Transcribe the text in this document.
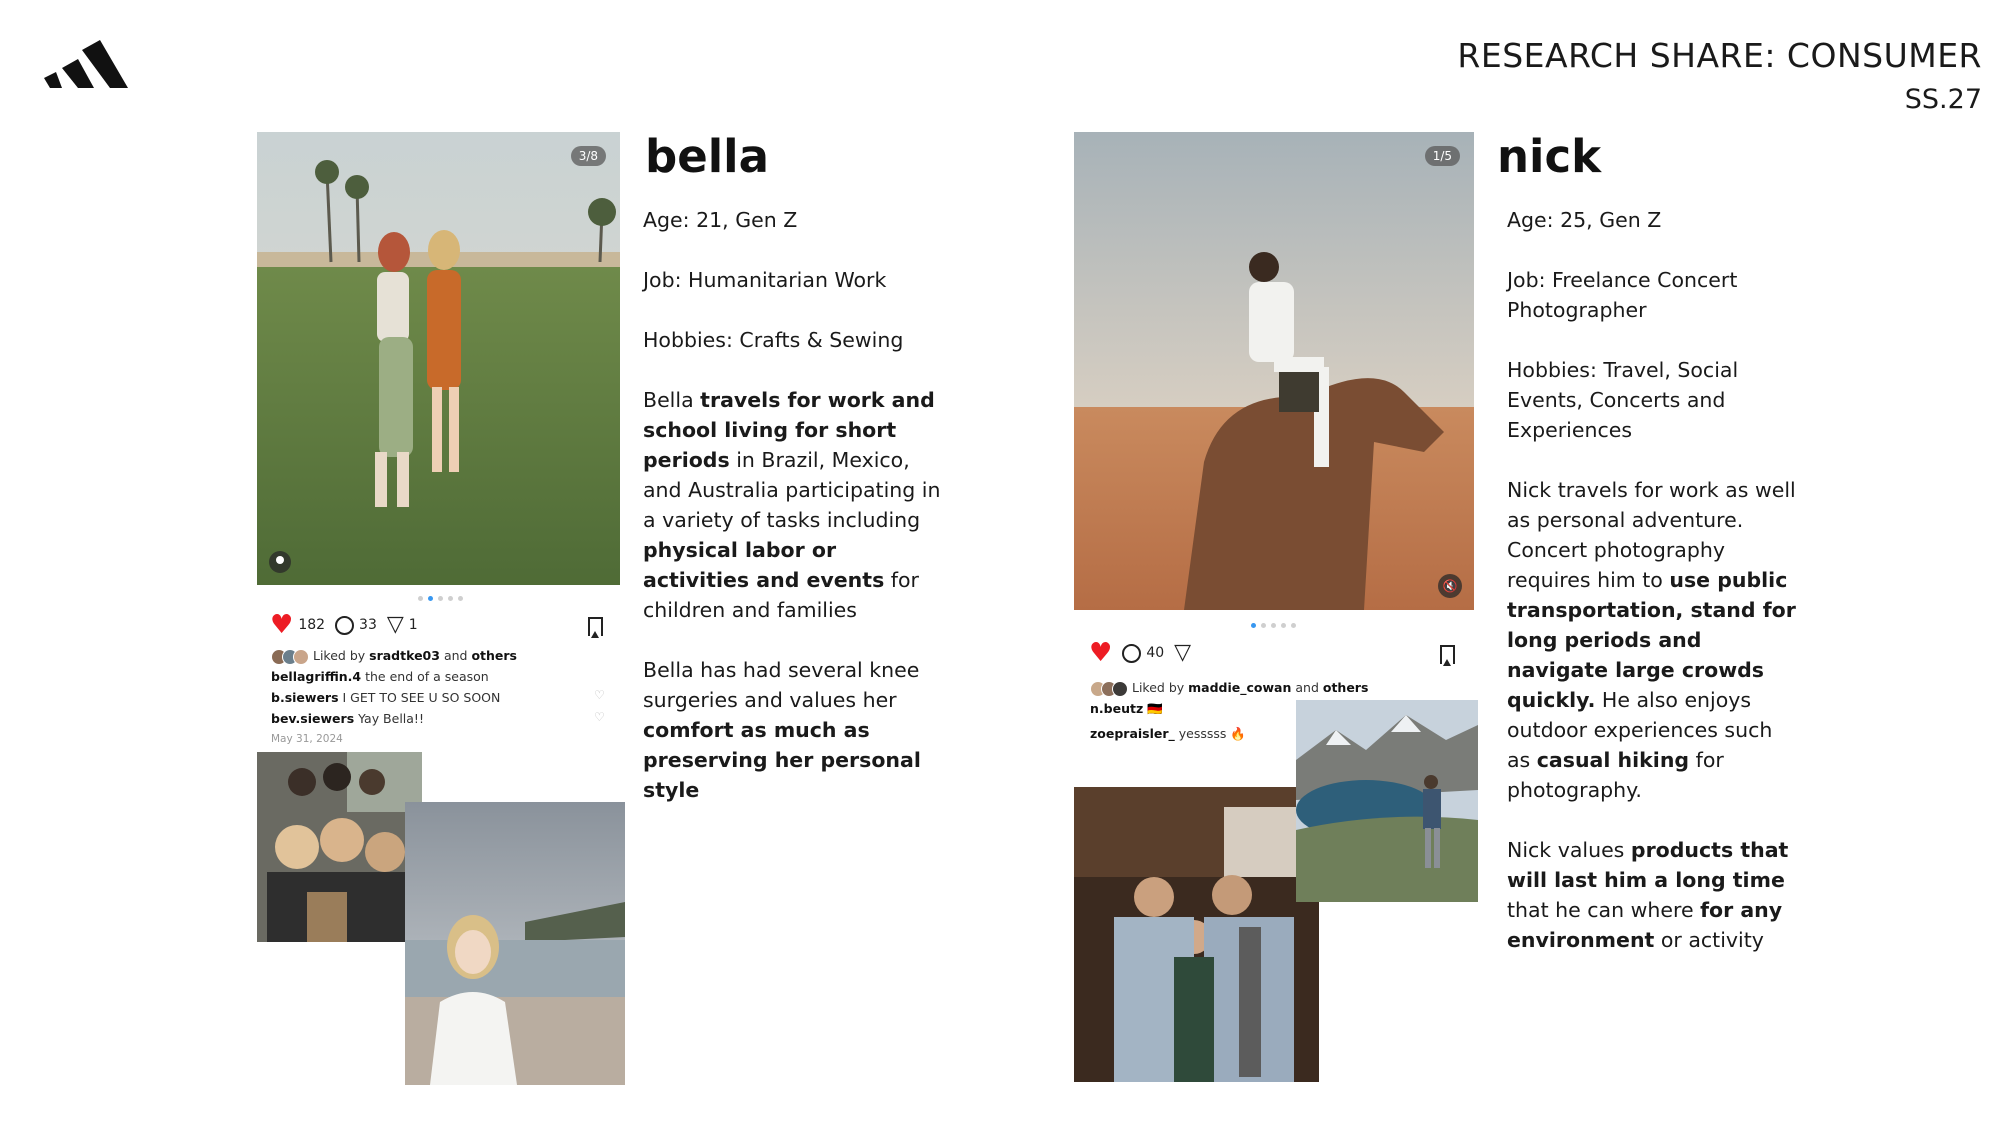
RESEARCH SHARE: CONSUMER
SS.27
3/8
♥ 182 33 ▽ 1
Liked by sradtke03 and others
bellagriffin.4 the end of a season
b.siewers I GET TO SEE U SO SOON
bev.siewers Yay Bella!!
May 31, 2024
♡
♡
bella

Age: 21, Gen Z

Job: Humanitarian Work

Hobbies: Crafts & Sewing

Bella travels for work and school living for short periods in Brazil, Mexico, and Australia participating in a variety of tasks including physical labor or activities and events for children and families

Bella has had several knee surgeries and values her comfort as much as preserving her personal style

1/5
🔇
♥ 40 ▽
Liked by maddie_cowan and others
n.beutz 🇩🇪
zoepraisler_ yesssss 🔥
nick

Age: 25, Gen Z

Job: Freelance Concert Photographer

Hobbies: Travel, Social Events, Concerts and Experiences

Nick travels for work as well as personal adventure. Concert photography requires him to use public transportation, stand for long periods and navigate large crowds quickly. He also enjoys outdoor experiences such as casual hiking for photography.

Nick values products that will last him a long time that he can where for any environment or activity
